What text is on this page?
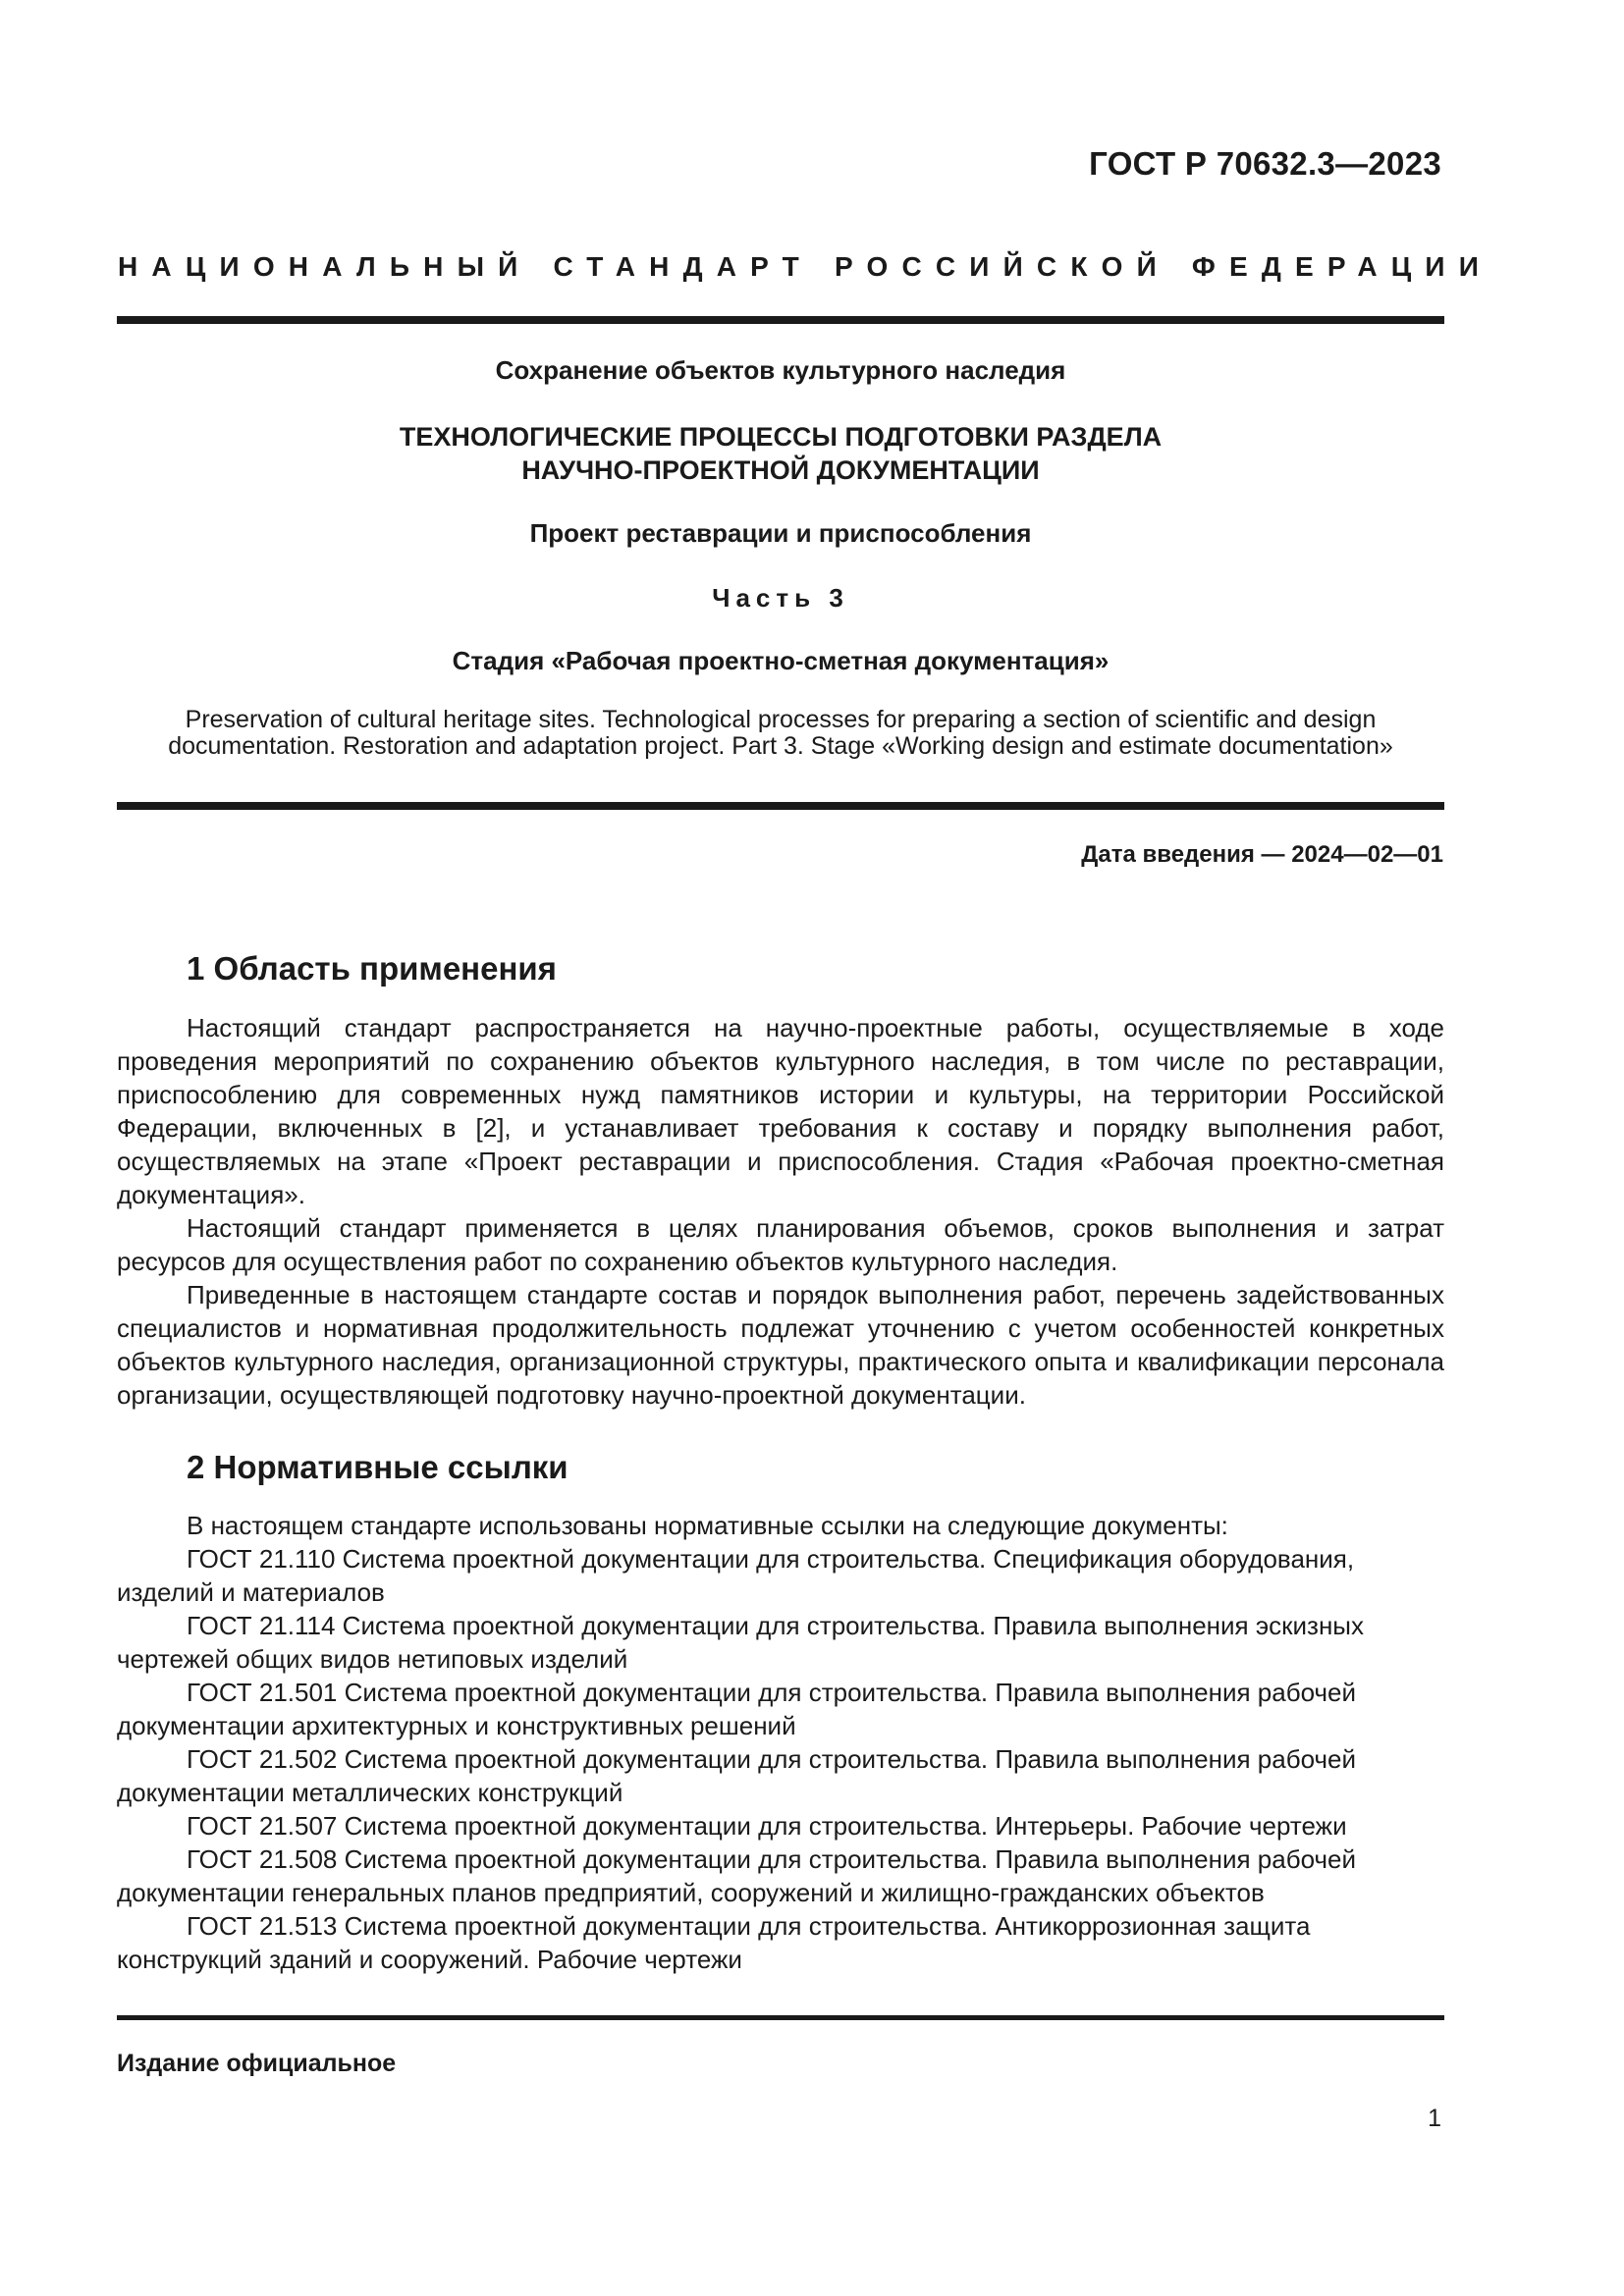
ГОСТ Р 70632.3—2023
НАЦИОНАЛЬНЫЙ СТАНДАРТ РОССИЙСКОЙ ФЕДЕРАЦИИ
Сохранение объектов культурного наследия
ТЕХНОЛОГИЧЕСКИЕ ПРОЦЕССЫ ПОДГОТОВКИ РАЗДЕЛА
НАУЧНО-ПРОЕКТНОЙ ДОКУМЕНТАЦИИ
Проект реставрации и приспособления
Часть 3
Стадия «Рабочая проектно-сметная документация»
Preservation of cultural heritage sites. Technological processes for preparing a section of scientific and design
documentation. Restoration and adaptation project. Part 3. Stage «Working design and estimate documentation»
Дата введения — 2024—02—01
1 Область применения

Настоящий стандарт распространяется на научно-проектные работы, осуществляемые в ходе проведения мероприятий по сохранению объектов культурного наследия, в том числе по реставрации, приспособлению для современных нужд памятников истории и культуры, на территории Российской Федерации, включенных в [2], и устанавливает требования к составу и порядку выполнения работ, осуществляемых на этапе «Проект реставрации и приспособления. Стадия «Рабочая проектно-сметная документация».

Настоящий стандарт применяется в целях планирования объемов, сроков выполнения и затрат ресурсов для осуществления работ по сохранению объектов культурного наследия.

Приведенные в настоящем стандарте состав и порядок выполнения работ, перечень задействованных специалистов и нормативная продолжительность подлежат уточнению с учетом особенностей конкретных объектов культурного наследия, организационной структуры, практического опыта и квалификации персонала организации, осуществляющей подготовку научно-проектной документации.

2 Нормативные ссылки

В настоящем стандарте использованы нормативные ссылки на следующие документы:

ГОСТ 21.110 Система проектной документации для строительства. Спецификация оборудования, изделий и материалов

ГОСТ 21.114 Система проектной документации для строительства. Правила выполнения эскизных чертежей общих видов нетиповых изделий

ГОСТ 21.501 Система проектной документации для строительства. Правила выполнения рабочей документации архитектурных и конструктивных решений

ГОСТ 21.502 Система проектной документации для строительства. Правила выполнения рабочей документации металлических конструкций

ГОСТ 21.507 Система проектной документации для строительства. Интерьеры. Рабочие чертежи

ГОСТ 21.508 Система проектной документации для строительства. Правила выполнения рабочей документации генеральных планов предприятий, сооружений и жилищно-гражданских объектов

ГОСТ 21.513 Система проектной документации для строительства. Антикоррозионная защита конструкций зданий и сооружений. Рабочие чертежи

Издание официальное
1
